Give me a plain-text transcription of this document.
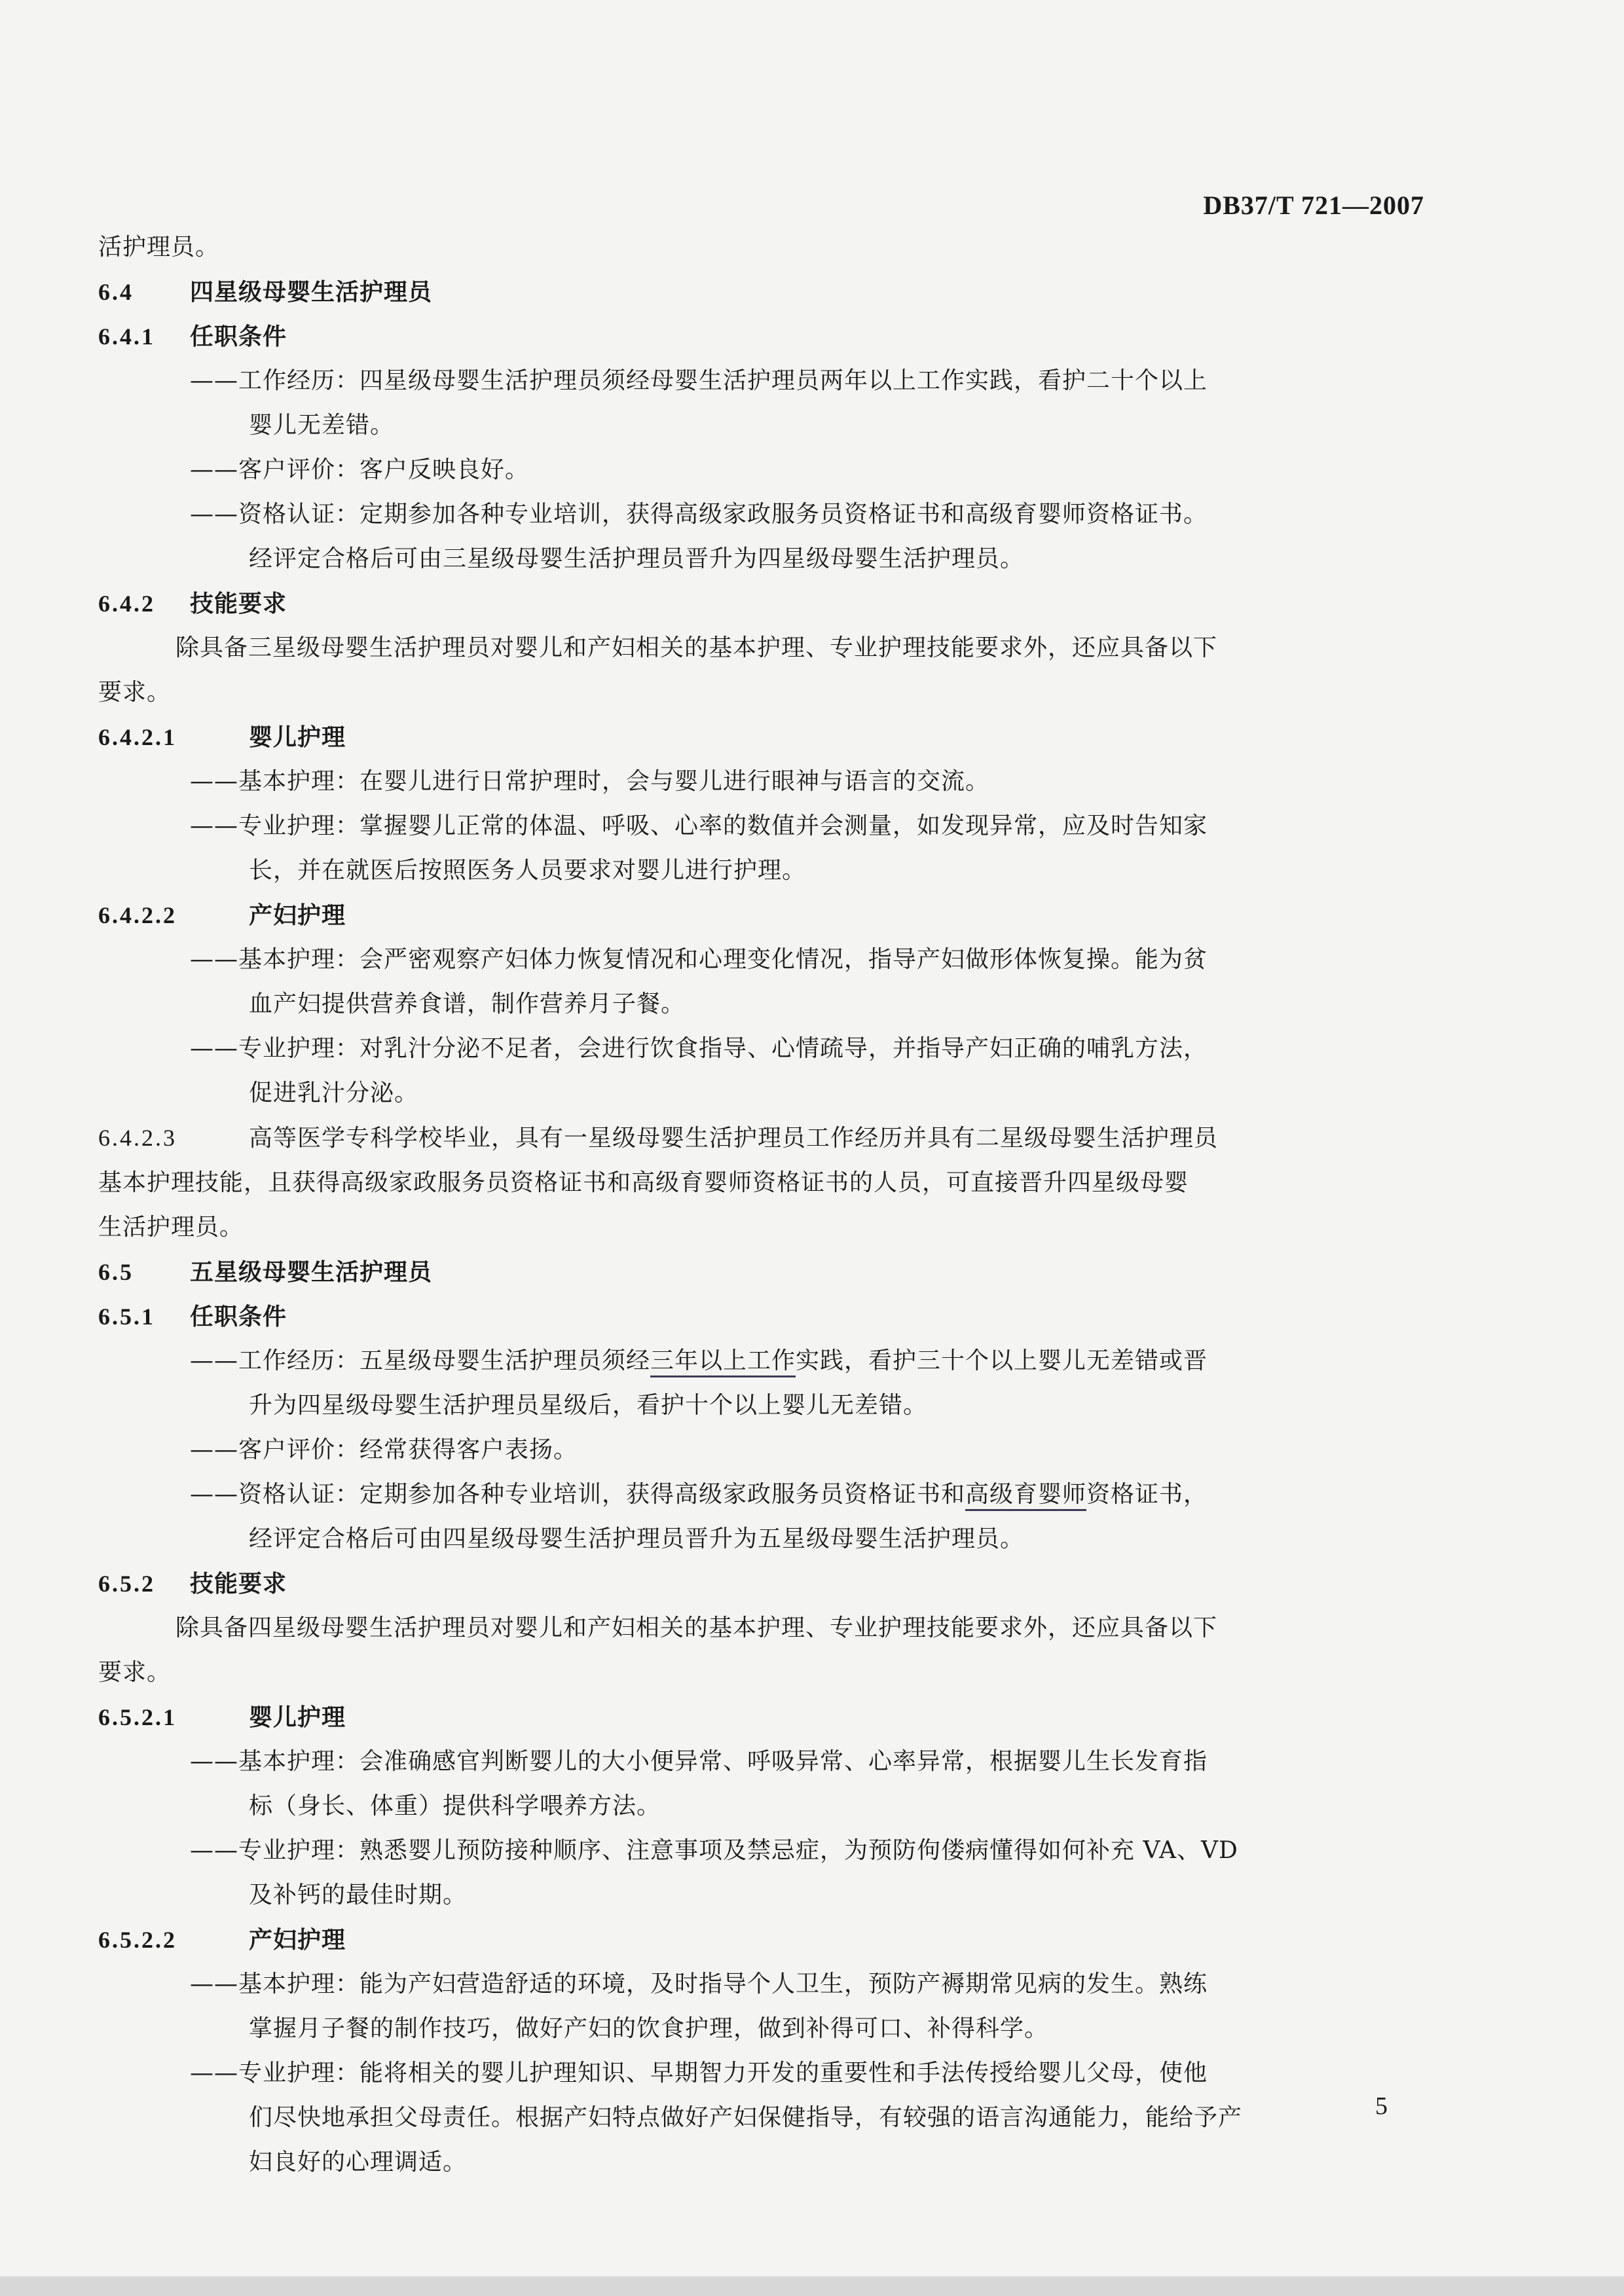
DB37/T 721—2007
活护理员。
6.4 四星级母婴生活护理员
6.4.1 任职条件
——工作经历：四星级母婴生活护理员须经母婴生活护理员两年以上工作实践，看护二十个以上
婴儿无差错。
——客户评价：客户反映良好。
——资格认证：定期参加各种专业培训，获得高级家政服务员资格证书和高级育婴师资格证书。
经评定合格后可由三星级母婴生活护理员晋升为四星级母婴生活护理员。
6.4.2 技能要求
除具备三星级母婴生活护理员对婴儿和产妇相关的基本护理、专业护理技能要求外，还应具备以下
要求。
6.4.2.1	婴儿护理
——基本护理：在婴儿进行日常护理时，会与婴儿进行眼神与语言的交流。
——专业护理：掌握婴儿正常的体温、呼吸、心率的数值并会测量，如发现异常，应及时告知家
长，并在就医后按照医务人员要求对婴儿进行护理。
6.4.2.2	产妇护理
——基本护理：会严密观察产妇体力恢复情况和心理变化情况，指导产妇做形体恢复操。能为贫
血产妇提供营养食谱，制作营养月子餐。
——专业护理：对乳汁分泌不足者，会进行饮食指导、心情疏导，并指导产妇正确的哺乳方法，
促进乳汁分泌。
6.4.2.3	高等医学专科学校毕业，具有一星级母婴生活护理员工作经历并具有二星级母婴生活护理员
基本护理技能，且获得高级家政服务员资格证书和高级育婴师资格证书的人员，可直接晋升四星级母婴
生活护理员。
6.5 五星级母婴生活护理员
6.5.1 任职条件
——工作经历：五星级母婴生活护理员须经三年以上工作实践，看护三十个以上婴儿无差错或晋
升为四星级母婴生活护理员星级后，看护十个以上婴儿无差错。
——客户评价：经常获得客户表扬。
——资格认证：定期参加各种专业培训，获得高级家政服务员资格证书和高级育婴师资格证书，
经评定合格后可由四星级母婴生活护理员晋升为五星级母婴生活护理员。
6.5.2 技能要求
除具备四星级母婴生活护理员对婴儿和产妇相关的基本护理、专业护理技能要求外，还应具备以下
要求。
6.5.2.1	婴儿护理
——基本护理：会准确感官判断婴儿的大小便异常、呼吸异常、心率异常，根据婴儿生长发育指
标（身长、体重）提供科学喂养方法。
——专业护理：熟悉婴儿预防接种顺序、注意事项及禁忌症，为预防佝偻病懂得如何补充 VA、VD
及补钙的最佳时期。
6.5.2.2	产妇护理
——基本护理：能为产妇营造舒适的环境，及时指导个人卫生，预防产褥期常见病的发生。熟练
掌握月子餐的制作技巧，做好产妇的饮食护理，做到补得可口、补得科学。
——专业护理：能将相关的婴儿护理知识、早期智力开发的重要性和手法传授给婴儿父母，使他
们尽快地承担父母责任。根据产妇特点做好产妇保健指导，有较强的语言沟通能力，能给予产
妇良好的心理调适。
5
